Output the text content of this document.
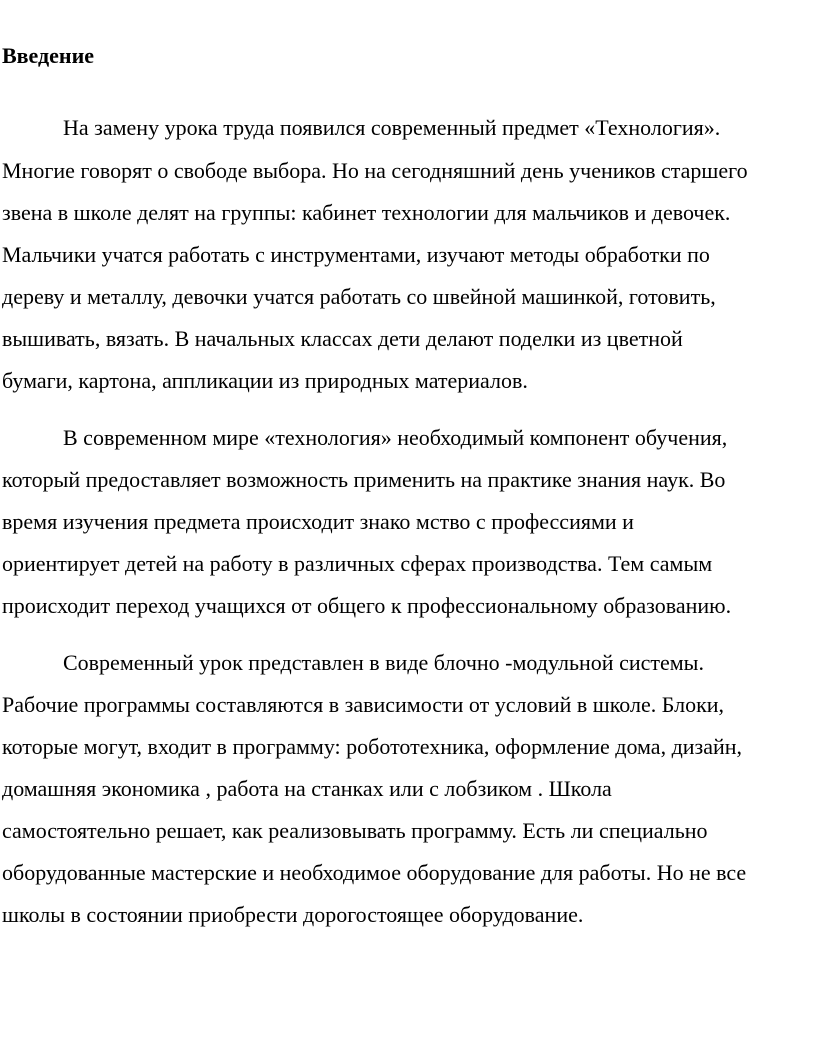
Введение
На замену урока труда появился современный предмет «Технология».
Многие говорят о свободе выбора. Но на сегодняшний день учеников старшего
звена в школе делят на группы: кабинет технологии для мальчиков и девочек.
Мальчики учатся работать с инструментами, изучают методы обработки по
дереву и металлу, девочки учатся работать со швейной машинкой, готовить,
вышивать, вязать. В начальных классах дети делают поделки из цветной
бумаги, картона, аппликации из природных материалов.
В современном мире «технология» необходимый компонент обучения,
который предоставляет возможность применить на практике знания наук. Во
время изучения предмета происходит знако мство с профессиями и
ориентирует детей на работу в различных сферах производства. Тем самым
происходит переход учащихся от общего к профессиональному образованию.
Современный урок представлен в виде блочно -модульной системы.
Рабочие программы составляются в зависимости от условий в школе. Блоки,
которые могут, входит в программу: робототехника, оформление дома, дизайн,
домашняя экономика , работа на станках или с лобзиком . Школа
самостоятельно решает, как реализовывать программу. Есть ли специально
оборудованные мастерские и необходимое оборудование для работы. Но не все
школы в состоянии приобрести дорогостоящее оборудование.
